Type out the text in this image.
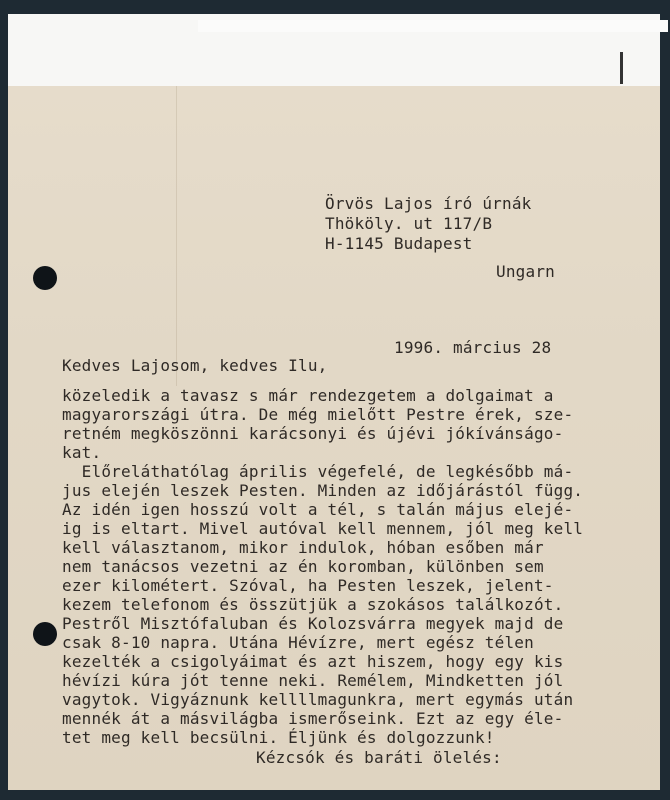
Örvös Lajos író úrnák
Thököly. ut 117/B
H-1145 Budapest
Ungarn
1996. március 28
Kedves Lajosom, kedves Ilu,
közeledik a tavasz s már rendezgetem a dolgaimat a
magyarországi útra. De még mielőtt Pestre érek, sze-
retném megköszönni karácsonyi és újévi jókívánságo-
kat.
Előreláthatólag április végefelé, de legkésőbb má-
jus elején leszek Pesten. Minden az időjárástól függ.
Az idén igen hosszú volt a tél, s talán május elejé-
ig is eltart. Mivel autóval kell mennem, jól meg kell
kell választanom, mikor indulok, hóban esőben már
nem tanácsos vezetni az én koromban, különben sem
ezer kilométert. Szóval, ha Pesten leszek, jelent-
kezem telefonom és összütjük a szokásos találkozót.
Pestről Misztófaluban és Kolozsvárra megyek majd de
csak 8-10 napra. Utána Hévízre, mert egész télen
kezelték a csigolyáimat és azt hiszem, hogy egy kis
hévízi kúra jót tenne neki. Remélem, Mindketten jól
vagytok. Vigyáznunk kellllmagunkra, mert egymás után
mennék át a másvilágba ismerőseink. Ezt az egy éle-
tet meg kell becsülni. Éljünk és dolgozzunk!
Kézcsók és baráti ölelés:
